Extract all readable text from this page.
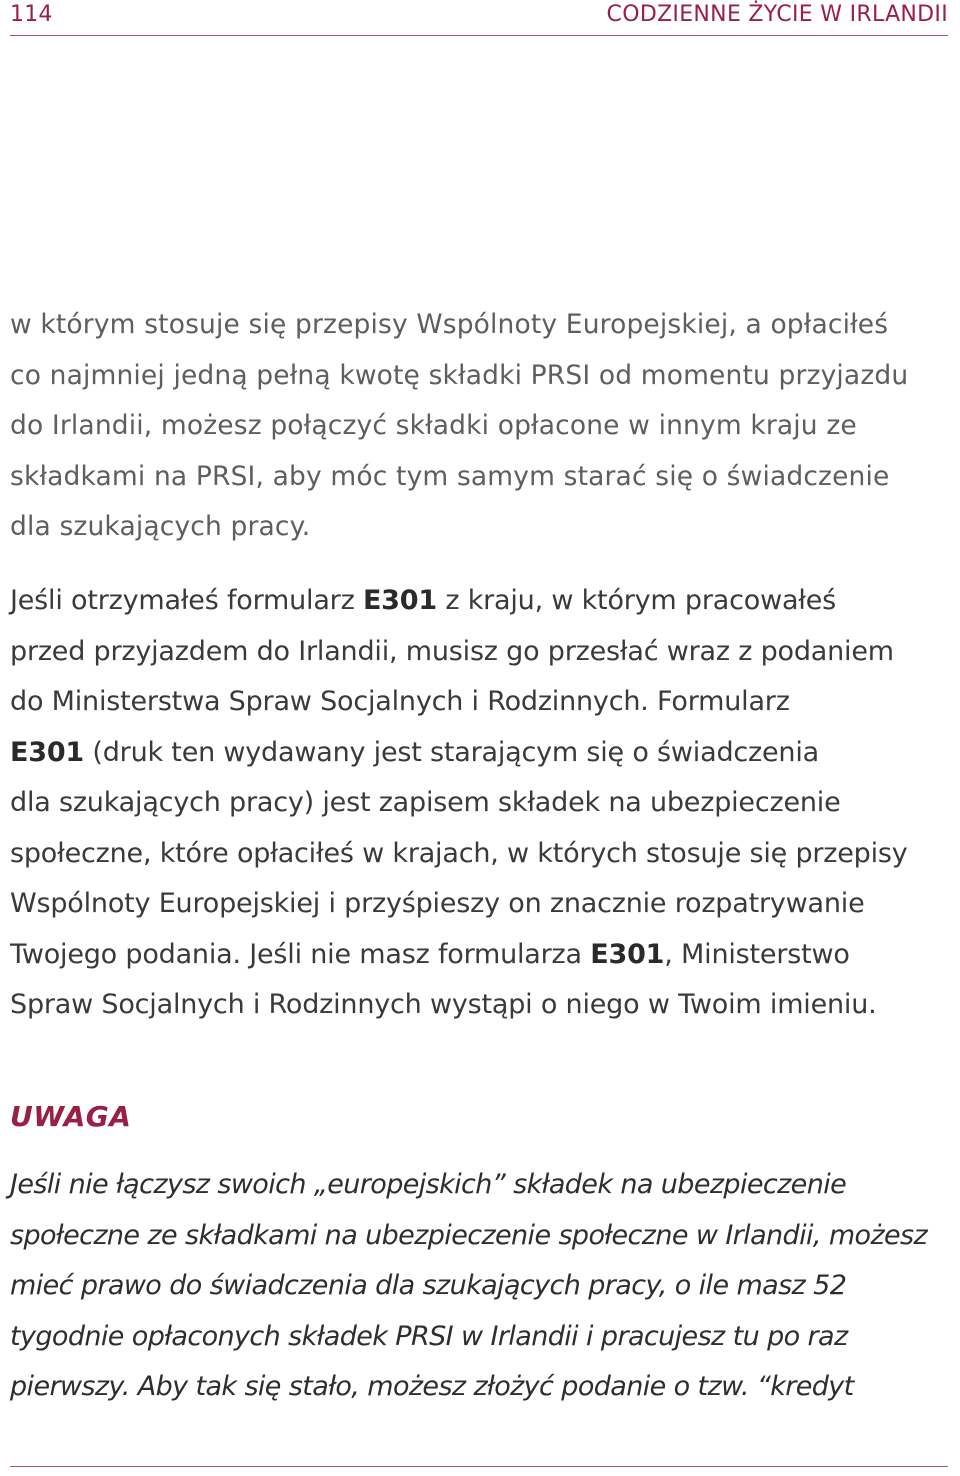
114	CODZIENNE ŻYCIE W IRLANDII

w którym stosuje się przepisy Wspólnoty Europejskiej, a opłaciłeś
co najmniej jedną pełną kwotę składki PRSI od momentu przyjazdu
do Irlandii, możesz połączyć składki opłacone w innym kraju ze
składkami na PRSI, aby móc tym samym starać się o świadczenie
dla szukających pracy.

Jeśli otrzymałeś formularz E301 z kraju, w którym pracowałeś
przed przyjazdem do Irlandii, musisz go przesłać wraz z podaniem
do Ministerstwa Spraw Socjalnych i Rodzinnych. Formularz
E301 (druk ten wydawany jest starającym się o świadczenia
dla szukających pracy) jest zapisem składek na ubezpieczenie
społeczne, które opłaciłeś w krajach, w których stosuje się przepisy
Wspólnoty Europejskiej i przyśpieszy on znacznie rozpatrywanie
Twojego podania. Jeśli nie masz formularza E301, Ministerstwo
Spraw Socjalnych i Rodzinnych wystąpi o niego w Twoim imieniu.

UWAGA

Jeśli nie łączysz swoich „europejskich” składek na ubezpieczenie
społeczne ze składkami na ubezpieczenie społeczne w Irlandii, możesz
mieć prawo do świadczenia dla szukających pracy, o ile masz 52
tygodnie opłaconych składek PRSI w Irlandii i pracujesz tu po raz
pierwszy. Aby tak się stało, możesz złożyć podanie o tzw. “kredyt
